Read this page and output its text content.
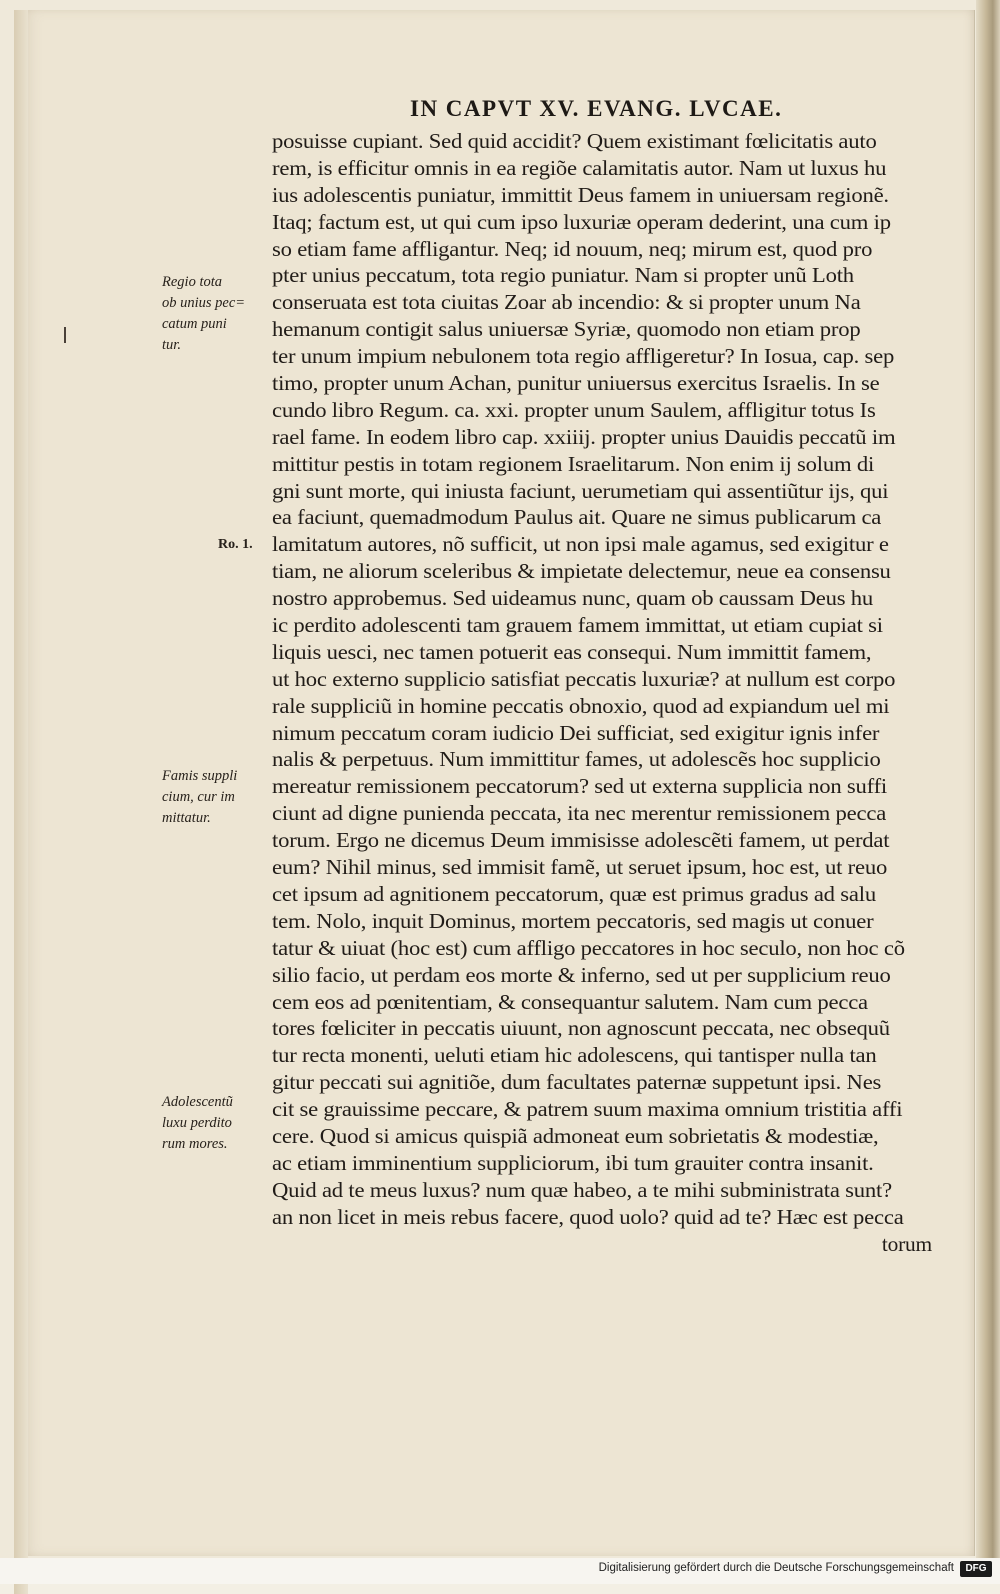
IN CAPVT XV. EVANG. LVCAE.
Regio tota
ob unius pec=
catum puni
tur.
Ro. 1.
Famis suppli
cium, cur im
mittatur.
Adolescentũ
luxu perdito
rum mores.
posuisse cupiant. Sed quid accidit? Quem existimant fœlicitatis auto
rem, is efficitur omnis in ea regiõe calamitatis autor. Nam ut luxus hu
ius adolescentis puniatur, immittit Deus famem in uniuersam regionẽ.
Itaq; factum est, ut qui cum ipso luxuriæ operam dederint, una cum ip
so etiam fame affligantur. Neq; id nouum, neq; mirum est, quod pro
pter unius peccatum, tota regio puniatur. Nam si propter unũ Loth
conseruata est tota ciuitas Zoar ab incendio: & si propter unum Na
hemanum contigit salus uniuersæ Syriæ, quomodo non etiam prop
ter unum impium nebulonem tota regio affligeretur? In Iosua, cap. sep
timo, propter unum Achan, punitur uniuersus exercitus Israelis. In se
cundo libro Regum. ca. xxi. propter unum Saulem, affligitur totus Is
rael fame. In eodem libro cap. xxiiij. propter unius Dauidis peccatũ im
mittitur pestis in totam regionem Israelitarum. Non enim ij solum di
gni sunt morte, qui iniusta faciunt, uerumetiam qui assentiũtur ijs, qui
ea faciunt, quemadmodum Paulus ait. Quare ne simus publicarum ca
lamitatum autores, nõ sufficit, ut non ipsi male agamus, sed exigitur e
tiam, ne aliorum sceleribus & impietate delectemur, neue ea consensu
nostro approbemus. Sed uideamus nunc, quam ob caussam Deus hu
ic perdito adolescenti tam grauem famem immittat, ut etiam cupiat si
liquis uesci, nec tamen potuerit eas consequi. Num immittit famem,
ut hoc externo supplicio satisfiat peccatis luxuriæ? at nullum est corpo
rale suppliciũ in homine peccatis obnoxio, quod ad expiandum uel mi
nimum peccatum coram iudicio Dei sufficiat, sed exigitur ignis infer
nalis & perpetuus. Num immittitur fames, ut adolescẽs hoc supplicio
mereatur remissionem peccatorum? sed ut externa supplicia non suffi
ciunt ad digne punienda peccata, ita nec merentur remissionem pecca
torum. Ergo ne dicemus Deum immisisse adolescẽti famem, ut perdat
eum? Nihil minus, sed immisit famẽ, ut seruet ipsum, hoc est, ut reuo
cet ipsum ad agnitionem peccatorum, quæ est primus gradus ad salu
tem. Nolo, inquit Dominus, mortem peccatoris, sed magis ut conuer
tatur & uiuat (hoc est) cum affligo peccatores in hoc seculo, non hoc cõ
silio facio, ut perdam eos morte & inferno, sed ut per supplicium reuo
cem eos ad pœnitentiam, & consequantur salutem. Nam cum pecca
tores fœliciter in peccatis uiuunt, non agnoscunt peccata, nec obsequũ
tur recta monenti, ueluti etiam hic adolescens, qui tantisper nulla tan
gitur peccati sui agnitiõe, dum facultates paternæ suppetunt ipsi. Nes
cit se grauissime peccare, & patrem suum maxima omnium tristitia affi
cere. Quod si amicus quispiã admoneat eum sobrietatis & modestiæ,
ac etiam imminentium suppliciorum, ibi tum grauiter contra insanit.
Quid ad te meus luxus? num quæ habeo, a te mihi subministrata sunt?
an non licet in meis rebus facere, quod uolo? quid ad te? Hæc est pecca
torum
Digitalisierung gefördert durch die Deutsche Forschungsgemeinschaft	DFG
